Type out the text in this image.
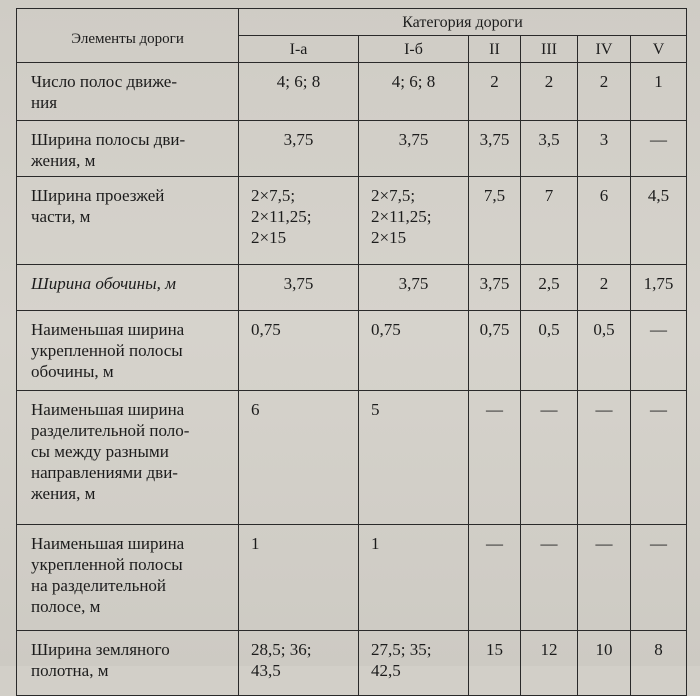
Элементы дороги	Категория дороги					
	I-а	I-б	II	III	IV	V

Число полос движе-
ния	4; 6; 8	4; 6; 8	2	2	2	1

Ширина полосы дви-
жения, м	3,75	3,75	3,75	3,5	3	—

Ширина проезжей
части, м	2×7,5;
2×11,25;
2×15	2×7,5;
2×11,25;
2×15	7,5	7	6	4,5

Ширина обочины, м	3,75	3,75	3,75	2,5	2	1,75

Наименьшая ширина
укрепленной полосы
обочины, м	0,75	0,75	0,75	0,5	0,5	—

Наименьшая ширина
разделительной поло-
сы между разными
направлениями дви-
жения, м	6	5	—	—	—	—

Наименьшая ширина
укрепленной полосы
на разделительной
полосе, м	1	1	—	—	—	—

Ширина земляного
полотна, м	28,5; 36;
43,5	27,5; 35;
42,5	15	12	10	8
